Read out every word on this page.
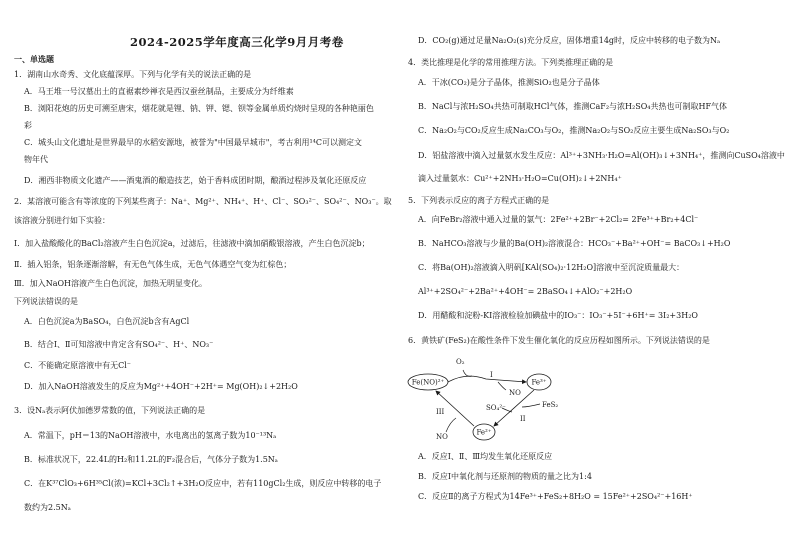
2024-2025学年度高三化学9月月考卷
一、单选题
1．湖南山水奇秀、文化底蕴深厚。下列与化学有关的说法正确的是
A．马王堆一号汉墓出土的直裾素纱禅衣是西汉蚕丝制品，主要成分为纤维素
B．浏阳花炮的历史可溯至唐宋，烟花就是锂、钠、钾、锶、钡等金属单质灼烧时呈现的各种艳丽色
彩
C．城头山文化遗址是世界最早的水稻安源地，被誉为"中国最早城市"，考古利用¹⁴C可以测定文
物年代
D．湘西非物质文化遗产——酒鬼酒的酿造技艺，始于香料成团时期，酿酒过程涉及氧化还原反应
2．某溶液可能含有等浓度的下列某些离子：Na⁺、Mg²⁺、NH₄⁺、H⁺、Cl⁻、SO₃²⁻、SO₄²⁻、NO₃⁻。取
该溶液分别进行如下实验：
Ⅰ．加入盐酸酸化的BaCl₂溶液产生白色沉淀a，过滤后，往滤液中滴加硝酸银溶液，产生白色沉淀b；
Ⅱ．插入铝条，铝条逐渐溶解，有无色气体生成，无色气体遇空气变为红棕色；
Ⅲ．加入NaOH溶液产生白色沉淀，加热无明显变化。
下列说法错误的是
A．白色沉淀a为BaSO₄，白色沉淀b含有AgCl
B．结合Ⅰ、Ⅱ可知溶液中肯定含有SO₄²⁻、H⁺、NO₃⁻
C．不能确定原溶液中有无Cl⁻
D．加入NaOH溶液发生的反应为Mg²⁺+4OH⁻+2H⁺= Mg(OH)₂↓+2H₂O
3．设Nₐ表示阿伏加德罗常数的值，下列说法正确的是
A．常温下，pH＝13的NaOH溶液中，水电离出的氢离子数为10⁻¹³Nₐ
B．标准状况下，22.4L的H₂和11.2L的F₂混合后，气体分子数为1.5Nₐ
C．在K³⁷ClO₃+6H³⁵Cl(浓)=KCl+3Cl₂↑+3H₂O反应中，若有110gCl₂生成，则反应中转移的电子
数约为2.5Nₐ
D．CO₂(g)通过足量Na₂O₂(s)充分反应，固体增重14g时，反应中转移的电子数为Nₐ
4．类比推理是化学的常用推理方法。下列类推理正确的是
A．干冰(CO₂)是分子晶体，推测SiO₂也是分子晶体
B．NaCl与浓H₂SO₄共热可制取HCl气体，推测CaF₂与浓H₂SO₄共热也可制取HF气体
C．Na₂O₂与CO₂反应生成Na₂CO₃与O₂，推测Na₂O₂与SO₂反应主要生成Na₂SO₃与O₂
D．铝盐溶液中滴入过量氨水发生反应：Al³⁺+3NH₃·H₂O=Al(OH)₃↓+3NH₄⁺，推测向CuSO₄溶液中
滴入过量氨水：Cu²⁺+2NH₃·H₂O=Cu(OH)₂↓+2NH₄⁺
5．下列表示反应的离子方程式正确的是
A．向FeBr₂溶液中通入过量的氯气：2Fe²⁺+2Br⁻+2Cl₂= 2Fe³⁺+Br₂+4Cl⁻
B．NaHCO₃溶液与少量的Ba(OH)₂溶液混合：HCO₃⁻+Ba²⁺+OH⁻= BaCO₃↓+H₂O
C．将Ba(OH)₂溶液滴入明矾[KAl(SO₄)₂·12H₂O]溶液中至沉淀质量最大：
Al³⁺+2SO₄²⁻+2Ba²⁺+4OH⁻= 2BaSO₄↓+AlO₂⁻+2H₂O
D．用醋酸和淀粉-KI溶液检验加碘盐中的IO₃⁻：IO₃⁻+5I⁻+6H⁺= 3I₂+3H₂O
6．黄铁矿(FeS₂)在酸性条件下发生催化氧化的反应历程如图所示。下列说法错误的是
Fe(NO)²⁺	Fe³⁺
Fe²⁺
O₂
I
NO
FeS₂
II
SO₄²⁻
III
NO
A．反应Ⅰ、Ⅱ、Ⅲ均发生氧化还原反应
B．反应Ⅰ中氧化剂与还原剂的物质的量之比为1:4
C．反应Ⅱ的离子方程式为14Fe³⁺+FeS₂+8H₂O = 15Fe²⁺+2SO₄²⁻+16H⁺
